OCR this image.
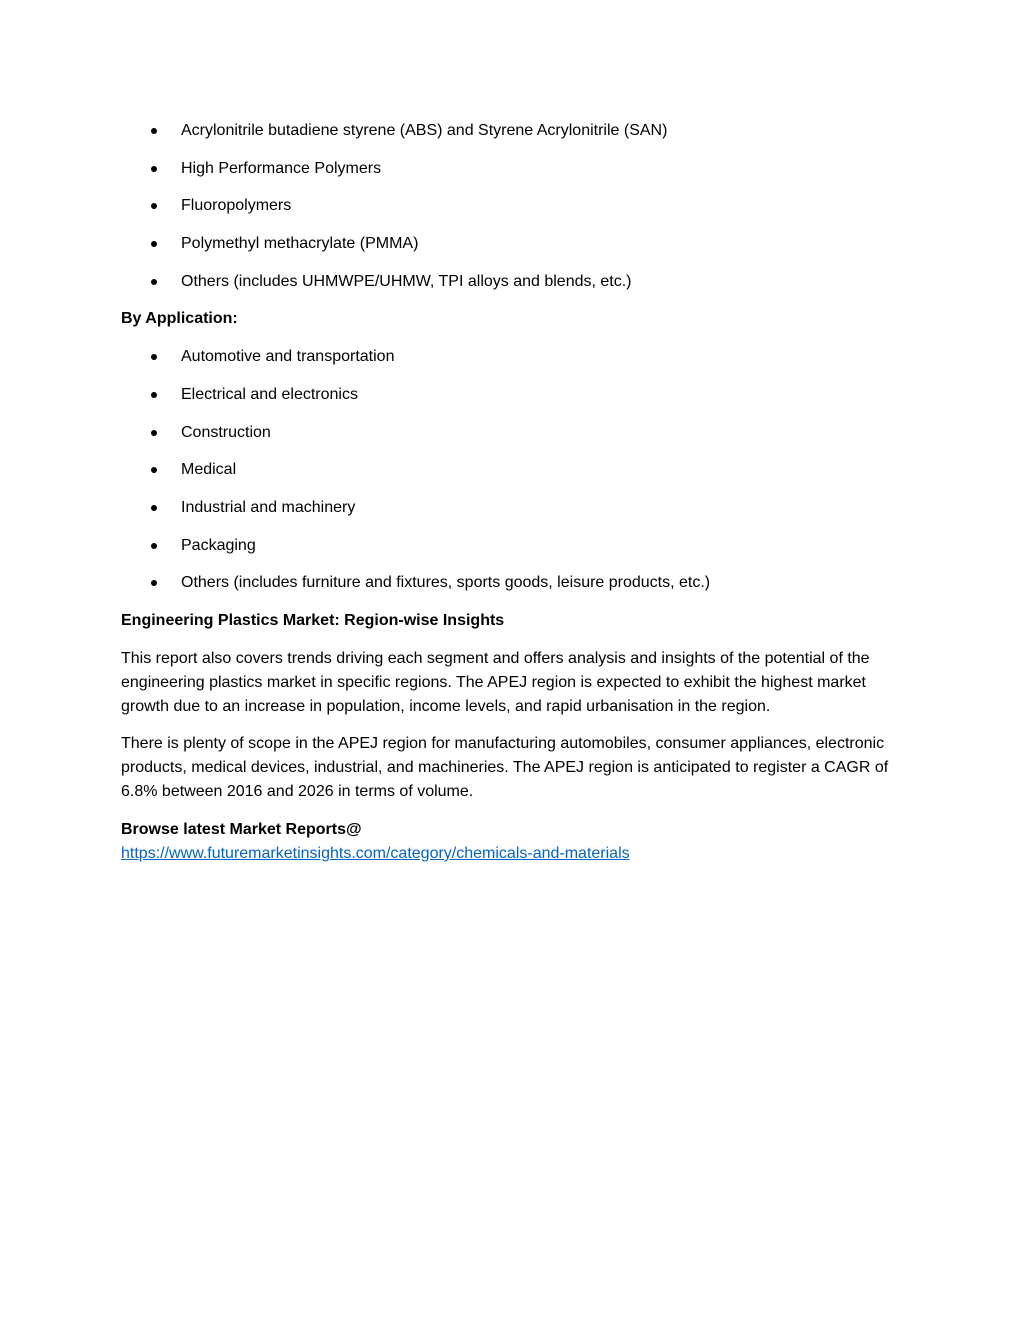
Acrylonitrile butadiene styrene (ABS) and Styrene Acrylonitrile (SAN)
High Performance Polymers
Fluoropolymers
Polymethyl methacrylate (PMMA)
Others (includes UHMWPE/UHMW, TPI alloys and blends, etc.)
By Application:
Automotive and transportation
Electrical and electronics
Construction
Medical
Industrial and machinery
Packaging
Others (includes furniture and fixtures, sports goods, leisure products, etc.)
Engineering Plastics Market: Region-wise Insights

This report also covers trends driving each segment and offers analysis and insights of the potential of the engineering plastics market in specific regions. The APEJ region is expected to exhibit the highest market growth due to an increase in population, income levels, and rapid urbanisation in the region.

There is plenty of scope in the APEJ region for manufacturing automobiles, consumer appliances, electronic products, medical devices, industrial, and machineries. The APEJ region is anticipated to register a CAGR of 6.8% between 2016 and 2026 in terms of volume.

Browse latest Market Reports@
https://www.futuremarketinsights.com/category/chemicals-and-materials
